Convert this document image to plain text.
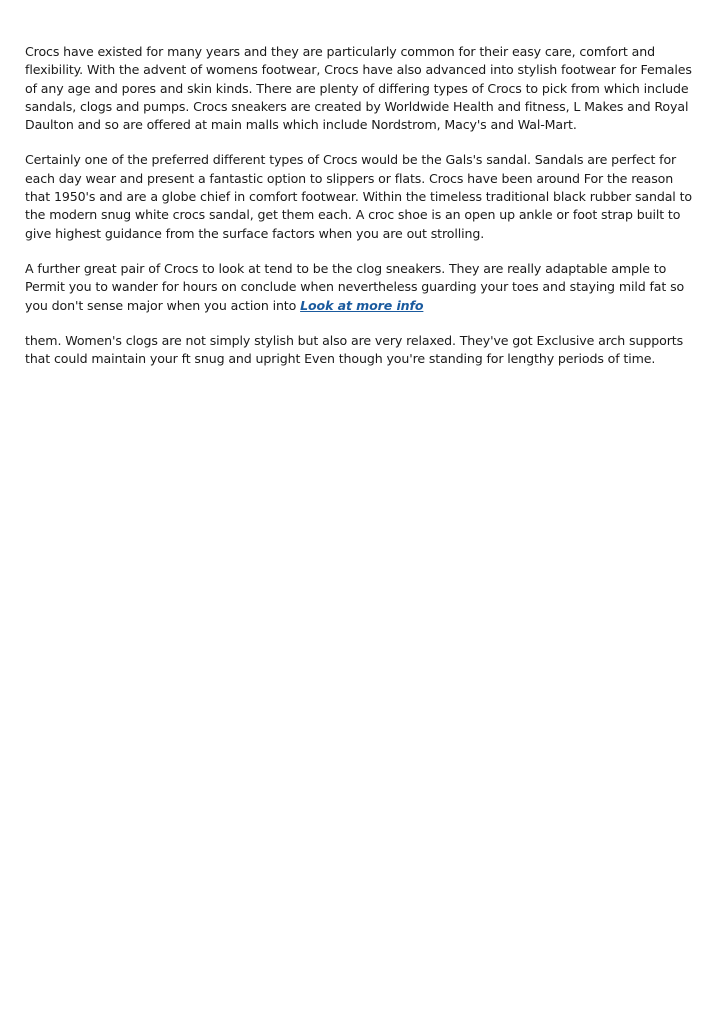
Crocs have existed for many years and they are particularly common for their easy care, comfort and flexibility. With the advent of womens footwear, Crocs have also advanced into stylish footwear for Females of any age and pores and skin kinds. There are plenty of differing types of Crocs to pick from which include sandals, clogs and pumps. Crocs sneakers are created by Worldwide Health and fitness, L Makes and Royal Daulton and so are offered at main malls which include Nordstrom, Macy's and Wal-Mart.

Certainly one of the preferred different types of Crocs would be the Gals's sandal. Sandals are perfect for each day wear and present a fantastic option to slippers or flats. Crocs have been around For the reason that 1950's and are a globe chief in comfort footwear. Within the timeless traditional black rubber sandal to the modern snug white crocs sandal, get them each. A croc shoe is an open up ankle or foot strap built to give highest guidance from the surface factors when you are out strolling.

A further great pair of Crocs to look at tend to be the clog sneakers. They are really adaptable ample to Permit you to wander for hours on conclude when nevertheless guarding your toes and staying mild fat so you don't sense major when you action into Look at more info

them. Women's clogs are not simply stylish but also are very relaxed. They've got Exclusive arch supports that could maintain your ft snug and upright Even though you're standing for lengthy periods of time.
